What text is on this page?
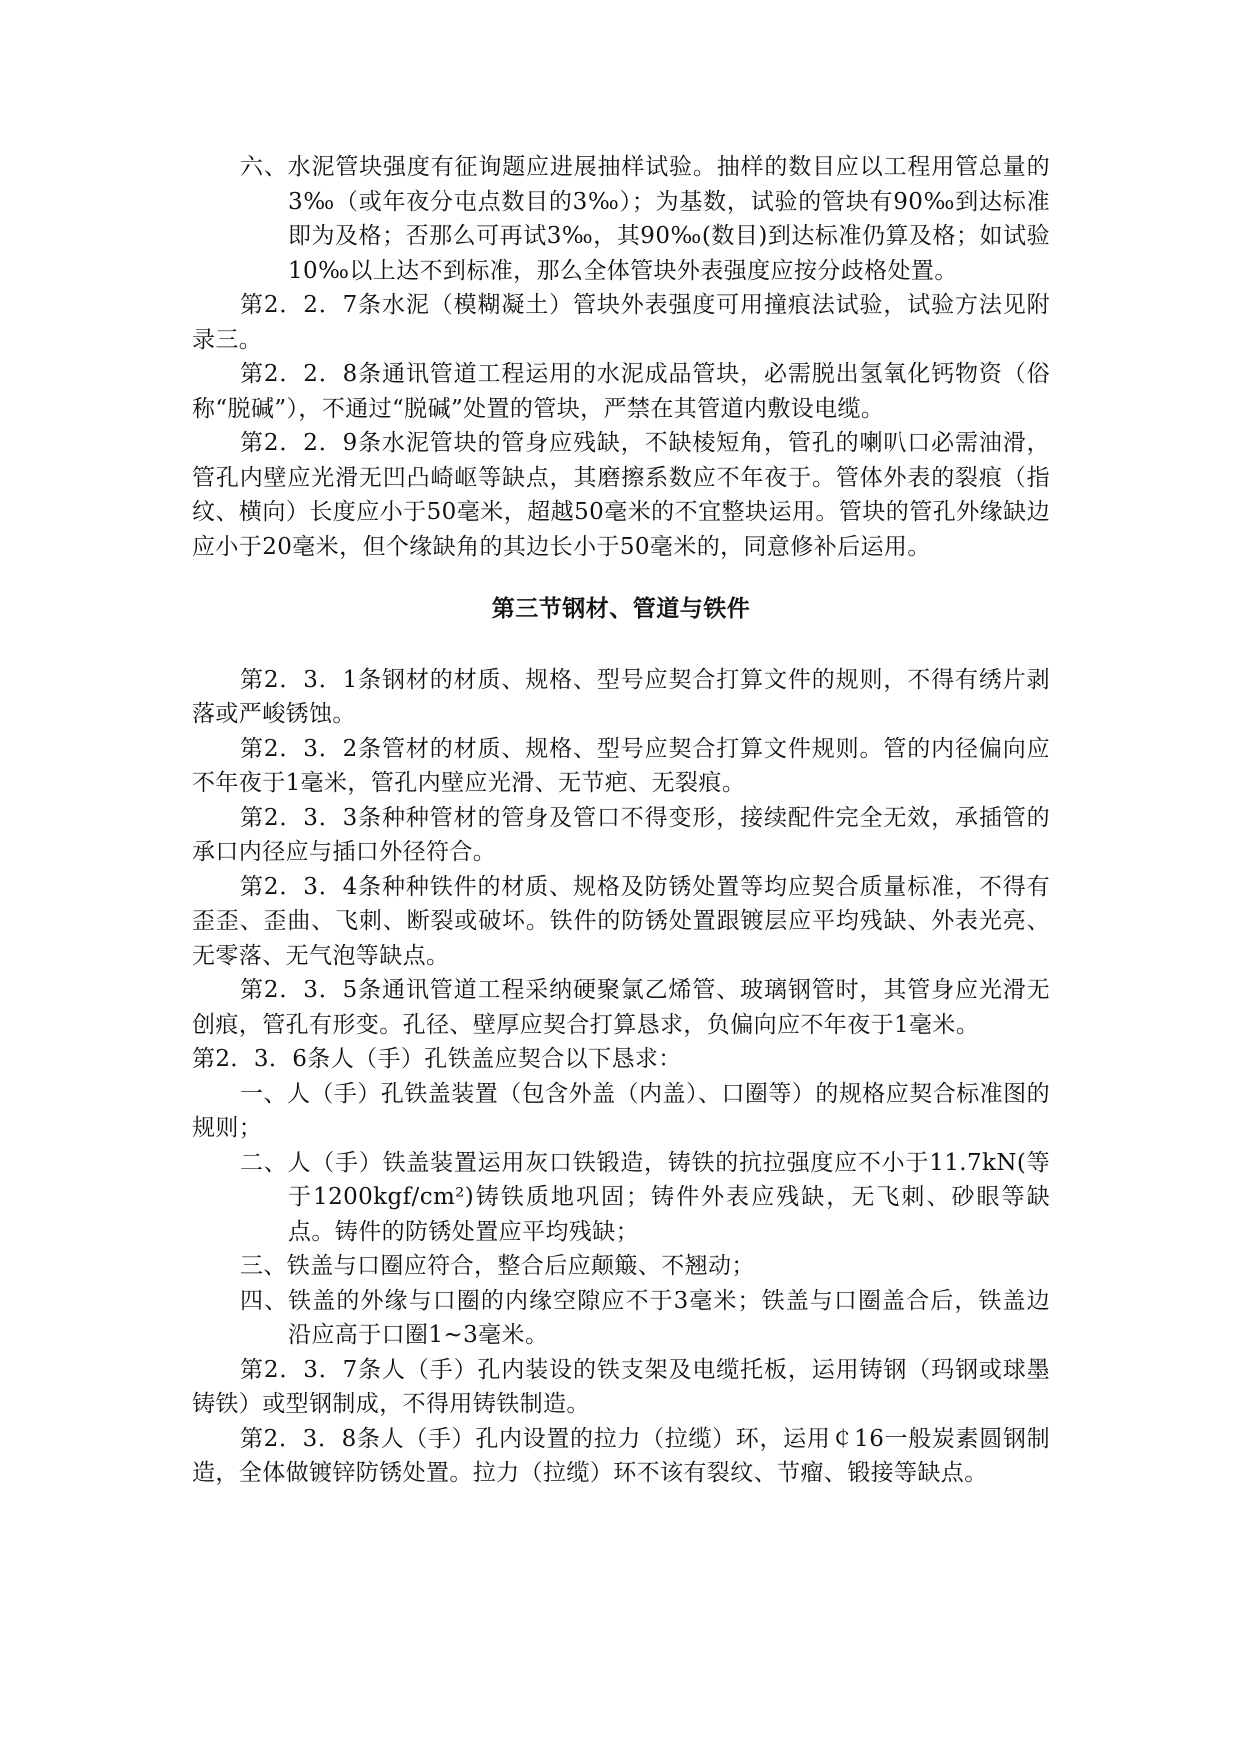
六、水泥管块强度有征询题应进展抽样试验。抽样的数目应以工程用管总量的3‰（或年夜分屯点数目的3‰）；为基数，试验的管块有90‰到达标准即为及格；否那么可再试3‰，其90‰(数目)到达标准仍算及格；如试验10‰以上达不到标准，那么全体管块外表强度应按分歧格处置。

第2．2．7条水泥（模糊凝土）管块外表强度可用撞痕法试验，试验方法见附录三。

第2．2．8条通讯管道工程运用的水泥成品管块，必需脱出氢氧化钙物资（俗称“脱碱”），不通过“脱碱”处置的管块，严禁在其管道内敷设电缆。

第2．2．9条水泥管块的管身应残缺，不缺棱短角，管孔的喇叭口必需油滑，管孔内壁应光滑无凹凸崎岖等缺点，其磨擦系数应不年夜于。管体外表的裂痕（指纹、横向）长度应小于50毫米，超越50毫米的不宜整块运用。管块的管孔外缘缺边应小于20毫米，但个缘缺角的其边长小于50毫米的，同意修补后运用。

第三节钢材、管道与铁件

第2．3．1条钢材的材质、规格、型号应契合打算文件的规则，不得有绣片剥落或严峻锈蚀。

第2．3．2条管材的材质、规格、型号应契合打算文件规则。管的内径偏向应不年夜于1毫米，管孔内壁应光滑、无节疤、无裂痕。

第2．3．3条种种管材的管身及管口不得变形，接续配件完全无效，承插管的承口内径应与插口外径符合。

第2．3．4条种种铁件的材质、规格及防锈处置等均应契合质量标准，不得有歪歪、歪曲、飞刺、断裂或破坏。铁件的防锈处置跟镀层应平均残缺、外表光亮、无零落、无气泡等缺点。

第2．3．5条通讯管道工程采纳硬聚氯乙烯管、玻璃钢管时，其管身应光滑无创痕，管孔有形变。孔径、壁厚应契合打算恳求，负偏向应不年夜于1毫米。

第2．3．6条人（手）孔铁盖应契合以下恳求：

一、人（手）孔铁盖装置（包含外盖（内盖）、口圈等）的规格应契合标准图的规则；

二、人（手）铁盖装置运用灰口铁锻造，铸铁的抗拉强度应不小于11.7kN(等于1200kgf/cm²)铸铁质地巩固；铸件外表应残缺，无飞刺、砂眼等缺点。铸件的防锈处置应平均残缺；

三、铁盖与口圈应符合，整合后应颠簸、不翘动；

四、铁盖的外缘与口圈的内缘空隙应不于3毫米；铁盖与口圈盖合后，铁盖边沿应高于口圈1~3毫米。

第2．3．7条人（手）孔内装设的铁支架及电缆托板，运用铸钢（玛钢或球墨铸铁）或型钢制成，不得用铸铁制造。

第2．3．8条人（手）孔内设置的拉力（拉缆）环，运用￠16一般炭素圆钢制造，全体做镀锌防锈处置。拉力（拉缆）环不该有裂纹、节瘤、锻接等缺点。
